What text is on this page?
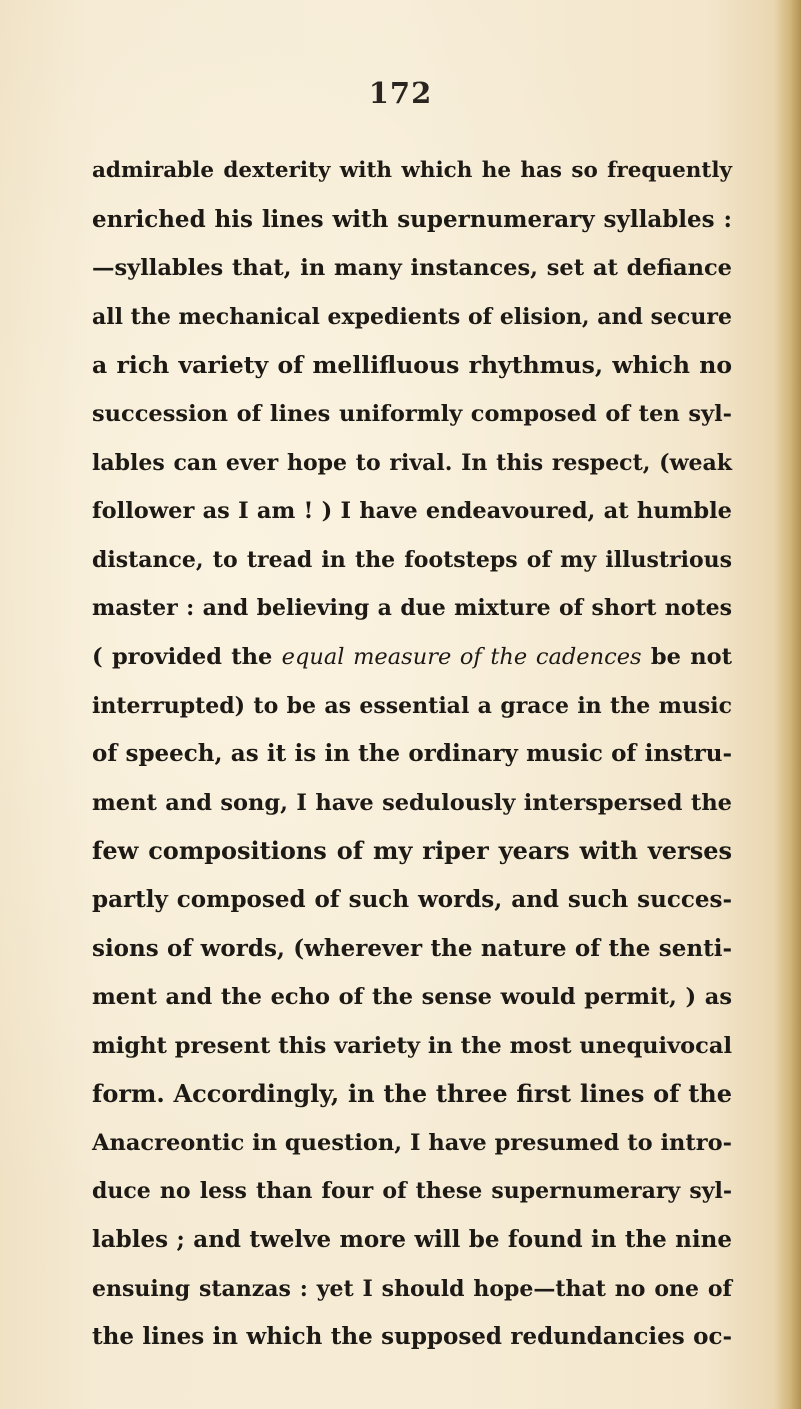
172
admirable dexterity with which he has so frequently
enriched his lines with supernumerary syllables :
—syllables that, in many instances, set at defiance
all the mechanical expedients of elision, and secure
a rich variety of mellifluous rhythmus, which no
succession of lines uniformly composed of ten syl-
lables can ever hope to rival. In this respect, (weak
follower as I am ! ) I have endeavoured, at humble
distance, to tread in the footsteps of my illustrious
master : and believing a due mixture of short notes
( provided the equal measure of the cadences be not
interrupted) to be as essential a grace in the music
of speech, as it is in the ordinary music of instru-
ment and song, I have sedulously interspersed the
few compositions of my riper years with verses
partly composed of such words, and such succes-
sions of words, (wherever the nature of the senti-
ment and the echo of the sense would permit, ) as
might present this variety in the most unequivocal
form. Accordingly, in the three first lines of the
Anacreontic in question, I have presumed to intro-
duce no less than four of these supernumerary syl-
lables ; and twelve more will be found in the nine
ensuing stanzas : yet I should hope—that no one of
the lines in which the supposed redundancies oc-
